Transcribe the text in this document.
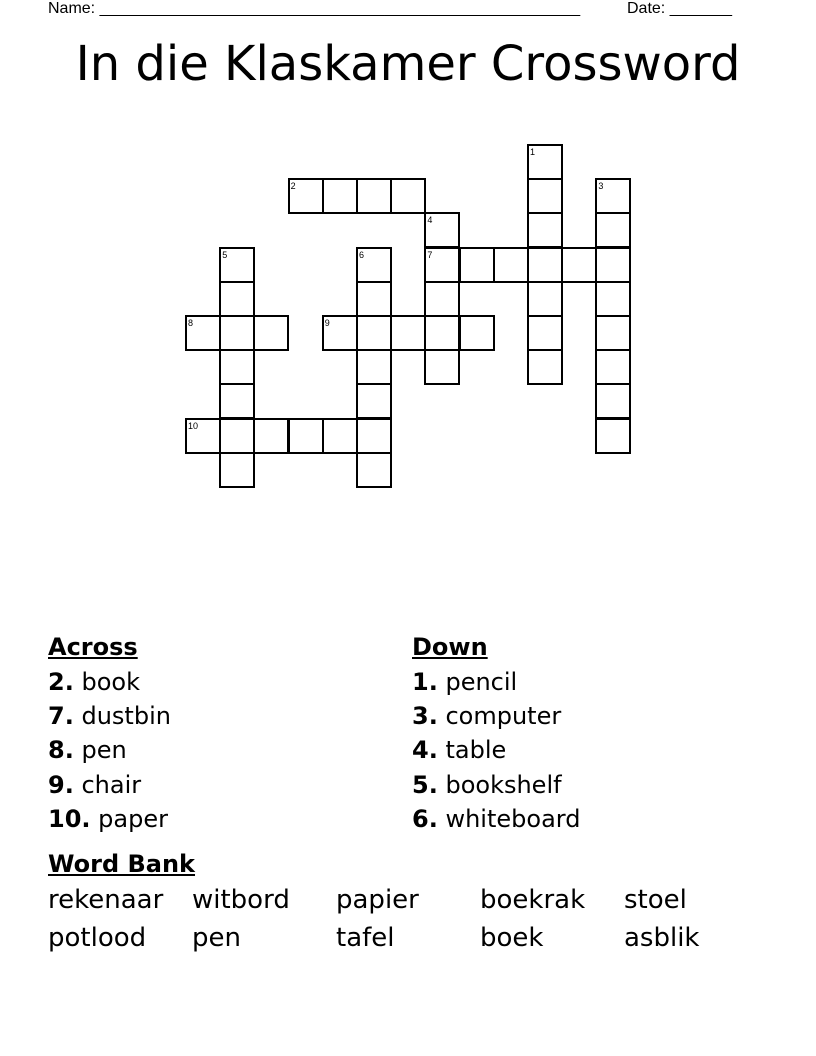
Name: ______________________________________________________	Date: _______
In die Klaskamer Crossword
1
2	3
4
5	6	7
8	9
10
Across
2. book
7. dustbin
8. pen
9. chair
10. paper
Down
1. pencil
3. computer
4. table
5. bookshelf
6. whiteboard
Word Bank
rekenaar witbord papier boekrak stoel
potlood pen	tafel	boek	asblik
